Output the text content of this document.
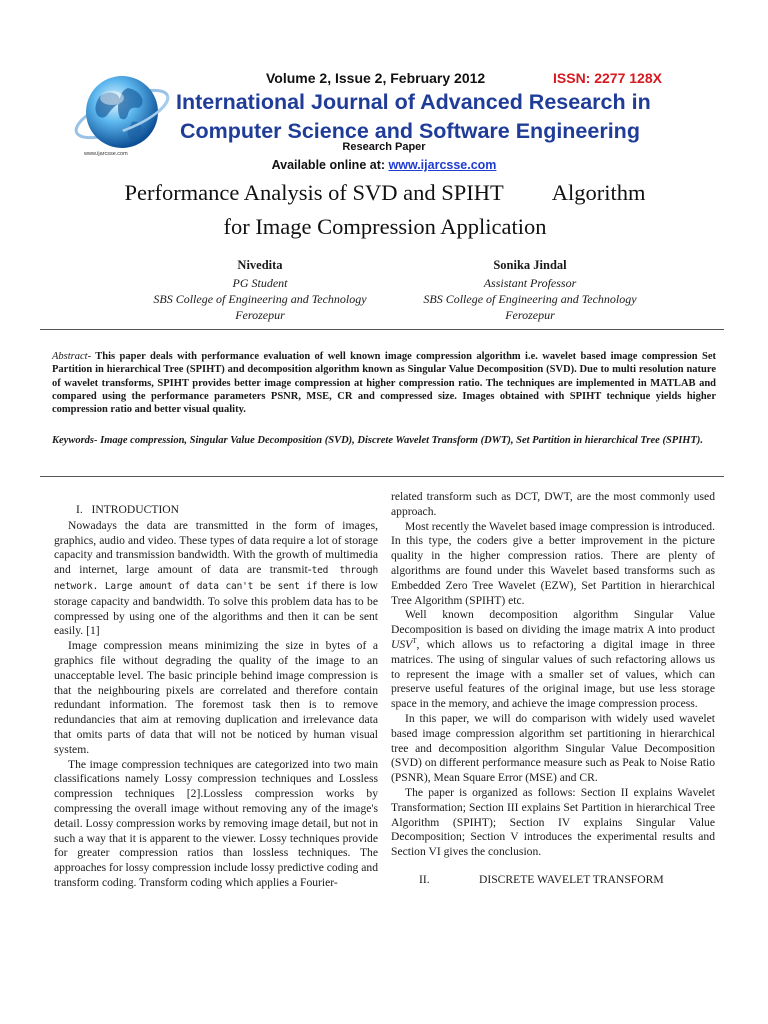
www.ijarcsse.com
Volume 2, Issue 2, February 2012	ISSN: 2277 128X
International Journal of Advanced Research in
Computer Science and Software Engineering
Research Paper
Available online at: www.ijarcsse.com
Performance Analysis of SVD and SPIHT Algorithm
for Image Compression Application
Nivedita
PG Student
SBS College of Engineering and Technology
Ferozepur
Sonika Jindal
Assistant Professor
SBS College of Engineering and Technology
Ferozepur
Abstract- This paper deals with performance evaluation of well known image compression algorithm i.e. wavelet based image compression Set Partition in hierarchical Tree (SPIHT) and decomposition algorithm known as Singular Value Decomposition (SVD). Due to multi resolution nature of wavelet transforms, SPIHT provides better image compression at higher compression ratio. The techniques are implemented in MATLAB and compared using the performance parameters PSNR, MSE, CR and compressed size. Images obtained with SPIHT technique yields higher compression ratio and better visual quality.
Keywords- Image compression, Singular Value Decomposition (SVD), Discrete Wavelet Transform (DWT), Set Partition in hierarchical Tree (SPIHT).
I. INTRODUCTION

Nowadays the data are transmitted in the form of images, graphics, audio and video. These types of data require a lot of storage capacity and transmission bandwidth. With the growth of multimedia and internet, large amount of data are transmit-ted through network. Large amount of data can't be sent if there is low storage capacity and bandwidth. To solve this problem data has to be compressed by using one of the algorithms and then it can be sent easily. [1]

Image compression means minimizing the size in bytes of a graphics file without degrading the quality of the image to an unacceptable level. The basic principle behind image compression is that the neighbouring pixels are correlated and therefore contain redundant information. The foremost task then is to remove redundancies that aim at removing duplication and irrelevance data that omits parts of data that will not be noticed by human visual system.

The image compression techniques are categorized into two main classifications namely Lossy compression techniques and Lossless compression techniques [2].Lossless compression works by compressing the overall image without removing any of the image's detail. Lossy compression works by removing image detail, but not in such a way that it is apparent to the viewer. Lossy techniques provide for greater compression ratios than lossless techniques. The approaches for lossy compression include lossy predictive coding and transform coding. Transform coding which applies a Fourier-

related transform such as DCT, DWT, are the most commonly used approach.

Most recently the Wavelet based image compression is introduced. In this type, the coders give a better improvement in the picture quality in the higher compression ratios. There are plenty of algorithms are found under this Wavelet based transforms such as Embedded Zero Tree Wavelet (EZW), Set Partition in hierarchical Tree Algorithm (SPIHT) etc.

Well known decomposition algorithm Singular Value Decomposition is based on dividing the image matrix A into product $USV^T$, which allows us to refactoring a digital image in three matrices. The using of singular values of such refactoring allows us to represent the image with a smaller set of values, which can preserve useful features of the original image, but use less storage space in the memory, and achieve the image compression process.

In this paper, we will do comparison with widely used wavelet based image compression algorithm set partitioning in hierarchical tree and decomposition algorithm Singular Value Decomposition (SVD) on different performance measure such as Peak to Noise Ratio (PSNR), Mean Square Error (MSE) and CR.

The paper is organized as follows: Section II explains Wavelet Transformation; Section III explains Set Partition in hierarchical Tree Algorithm (SPIHT); Section IV explains Singular Value Decomposition; Section V introduces the experimental results and Section VI gives the conclusion.

II.	DISCRETE WAVELET TRANSFORM
